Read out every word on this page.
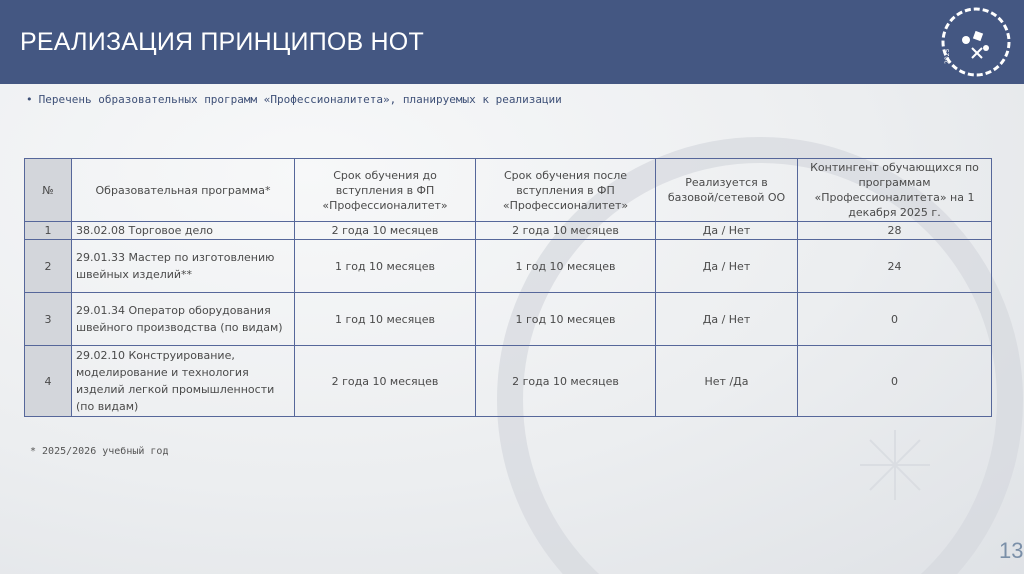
РЕАЛИЗАЦИЯ ПРИНЦИПОВ НОТ
2025
• Перечень образовательных программ «Профессионалитета», планируемых к реализации
№	Образовательная программа*	Срок обучения до вступления в ФП «Профессионалитет»	Срок обучения после вступления в ФП «Профессионалитет»	Реализуется в базовой/сетевой ОО	Контингент обучающихся по программам «Профессионалитета» на 1 декабря 2025 г.
1	38.02.08 Торговое дело	2 года 10 месяцев	2 года 10 месяцев	Да / Нет	28
2	29.01.33 Мастер по изготовлению швейных изделий**	1 год 10 месяцев	1 год 10 месяцев	Да / Нет	24
3	29.01.34 Оператор оборудования швейного производства (по видам)	1 год 10 месяцев	1 год 10 месяцев	Да / Нет	0
4	29.02.10 Конструирование, моделирование и технология изделий легкой промышленности (по видам)	2 года 10 месяцев	2 года 10 месяцев	Нет /Да	0
* 2025/2026 учебный год
13
